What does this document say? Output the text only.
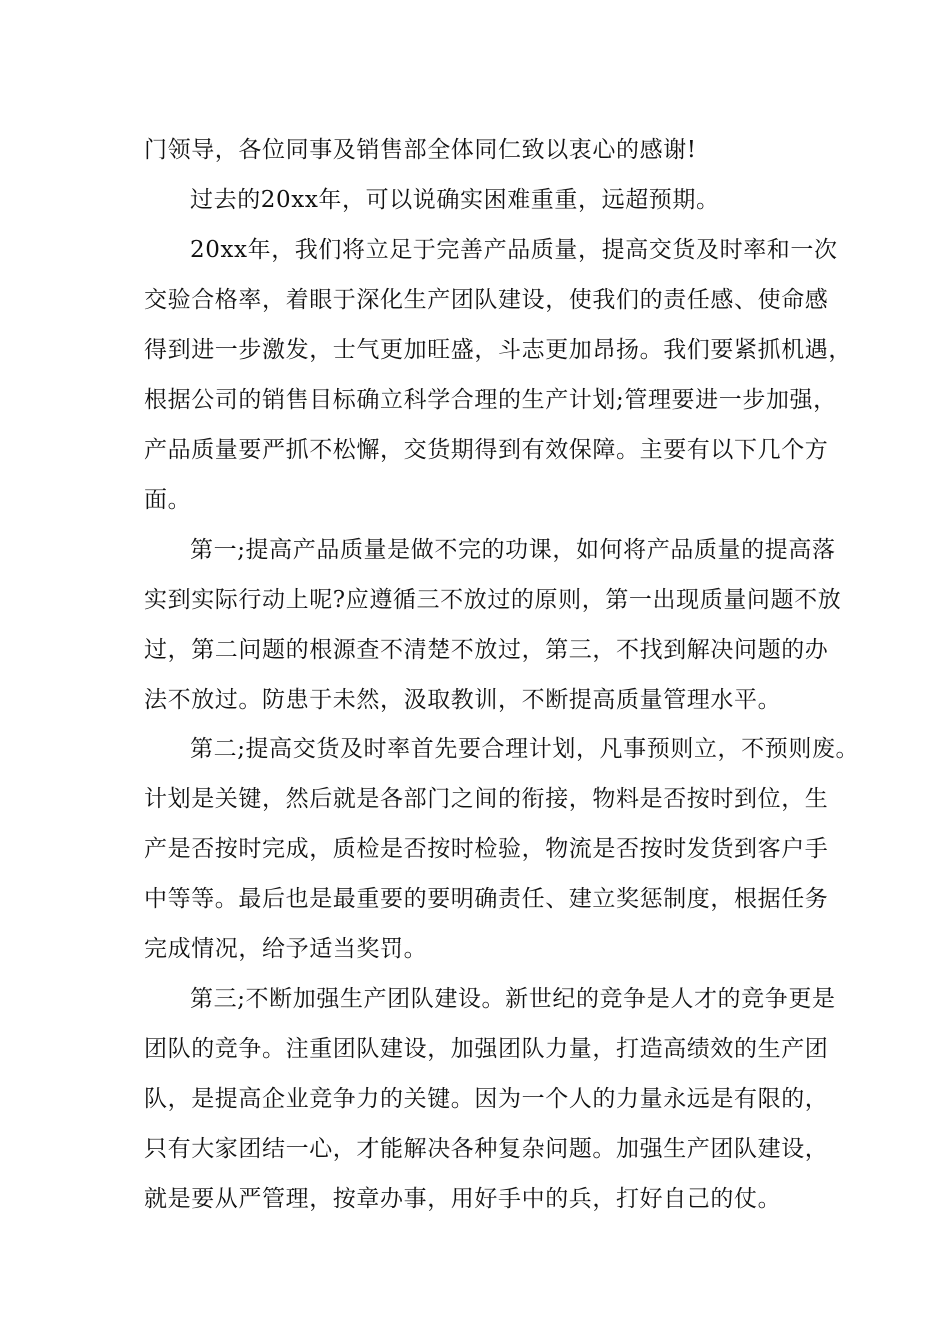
门领导，各位同事及销售部全体同仁致以衷心的感谢!
过去的20xx年，可以说确实困难重重，远超预期。
20xx年，我们将立足于完善产品质量，提高交货及时率和一次
交验合格率，着眼于深化生产团队建设，使我们的责任感、使命感
得到进一步激发，士气更加旺盛，斗志更加昂扬。我们要紧抓机遇，
根据公司的销售目标确立科学合理的生产计划;管理要进一步加强，
产品质量要严抓不松懈，交货期得到有效保障。主要有以下几个方
面。
第一;提高产品质量是做不完的功课，如何将产品质量的提高落
实到实际行动上呢?应遵循三不放过的原则，第一出现质量问题不放
过，第二问题的根源查不清楚不放过，第三，不找到解决问题的办
法不放过。防患于未然，汲取教训，不断提高质量管理水平。
第二;提高交货及时率首先要合理计划，凡事预则立，不预则废。
计划是关键，然后就是各部门之间的衔接，物料是否按时到位，生
产是否按时完成，质检是否按时检验，物流是否按时发货到客户手
中等等。最后也是最重要的要明确责任、建立奖惩制度，根据任务
完成情况，给予适当奖罚。
第三;不断加强生产团队建设。新世纪的竞争是人才的竞争更是
团队的竞争。注重团队建设，加强团队力量，打造高绩效的生产团
队，是提高企业竞争力的关键。因为一个人的力量永远是有限的，
只有大家团结一心，才能解决各种复杂问题。加强生产团队建设，
就是要从严管理，按章办事，用好手中的兵，打好自己的仗。
